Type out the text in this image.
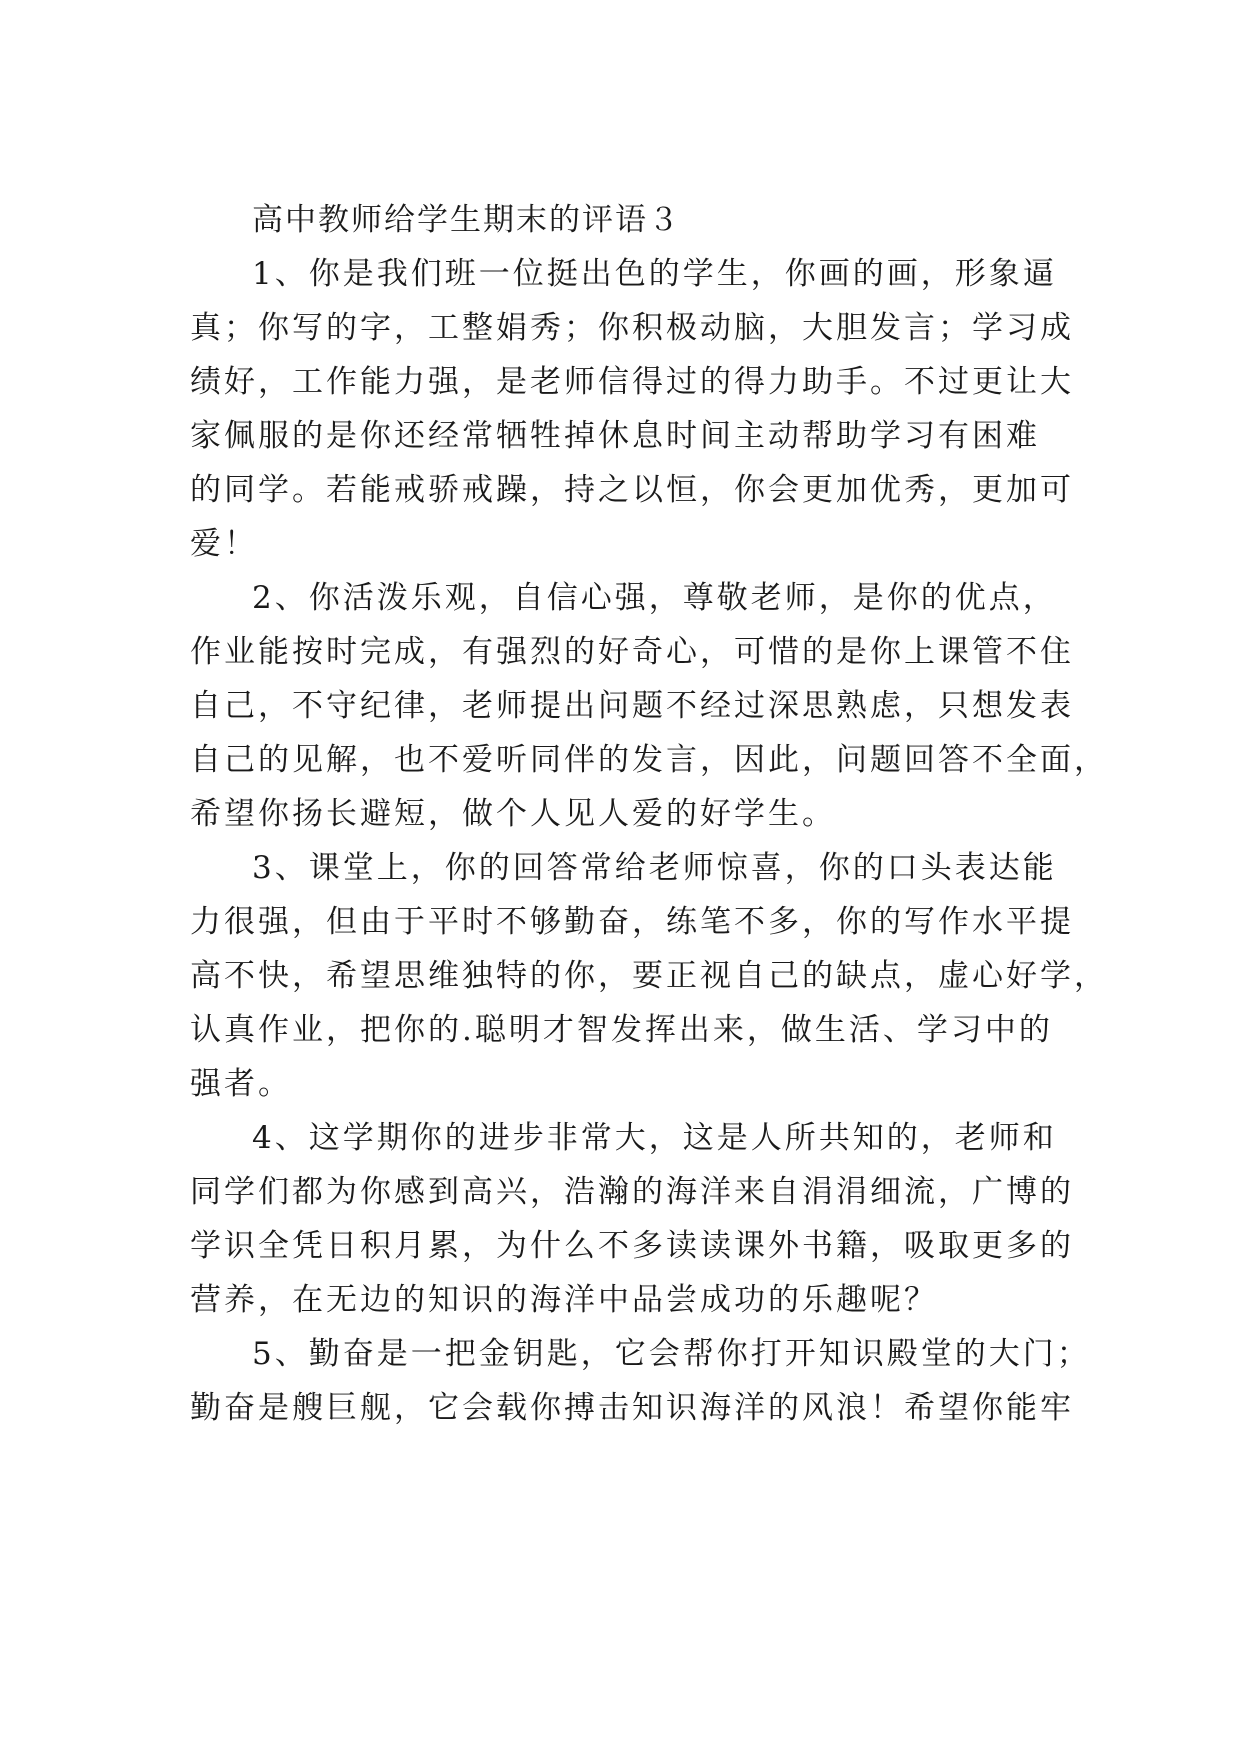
高中教师给学生期末的评语３
1、你是我们班一位挺出色的学生，你画的画，形象逼
真；你写的字，工整娟秀；你积极动脑，大胆发言；学习成
绩好，工作能力强，是老师信得过的得力助手。不过更让大
家佩服的是你还经常牺牲掉休息时间主动帮助学习有困难
的同学。若能戒骄戒躁，持之以恒，你会更加优秀，更加可
爱！
2、你活泼乐观，自信心强，尊敬老师，是你的优点，
作业能按时完成，有强烈的好奇心，可惜的是你上课管不住
自己，不守纪律，老师提出问题不经过深思熟虑，只想发表
自己的见解，也不爱听同伴的发言，因此，问题回答不全面，
希望你扬长避短，做个人见人爱的好学生。
3、课堂上，你的回答常给老师惊喜，你的口头表达能
力很强，但由于平时不够勤奋，练笔不多，你的写作水平提
高不快，希望思维独特的你，要正视自己的缺点，虚心好学，
认真作业，把你的.聪明才智发挥出来，做生活、学习中的
强者。
4、这学期你的进步非常大，这是人所共知的，老师和
同学们都为你感到高兴，浩瀚的海洋来自涓涓细流，广博的
学识全凭日积月累，为什么不多读读课外书籍，吸取更多的
营养，在无边的知识的海洋中品尝成功的乐趣呢？
5、勤奋是一把金钥匙，它会帮你打开知识殿堂的大门；
勤奋是艘巨舰，它会载你搏击知识海洋的风浪！希望你能牢
